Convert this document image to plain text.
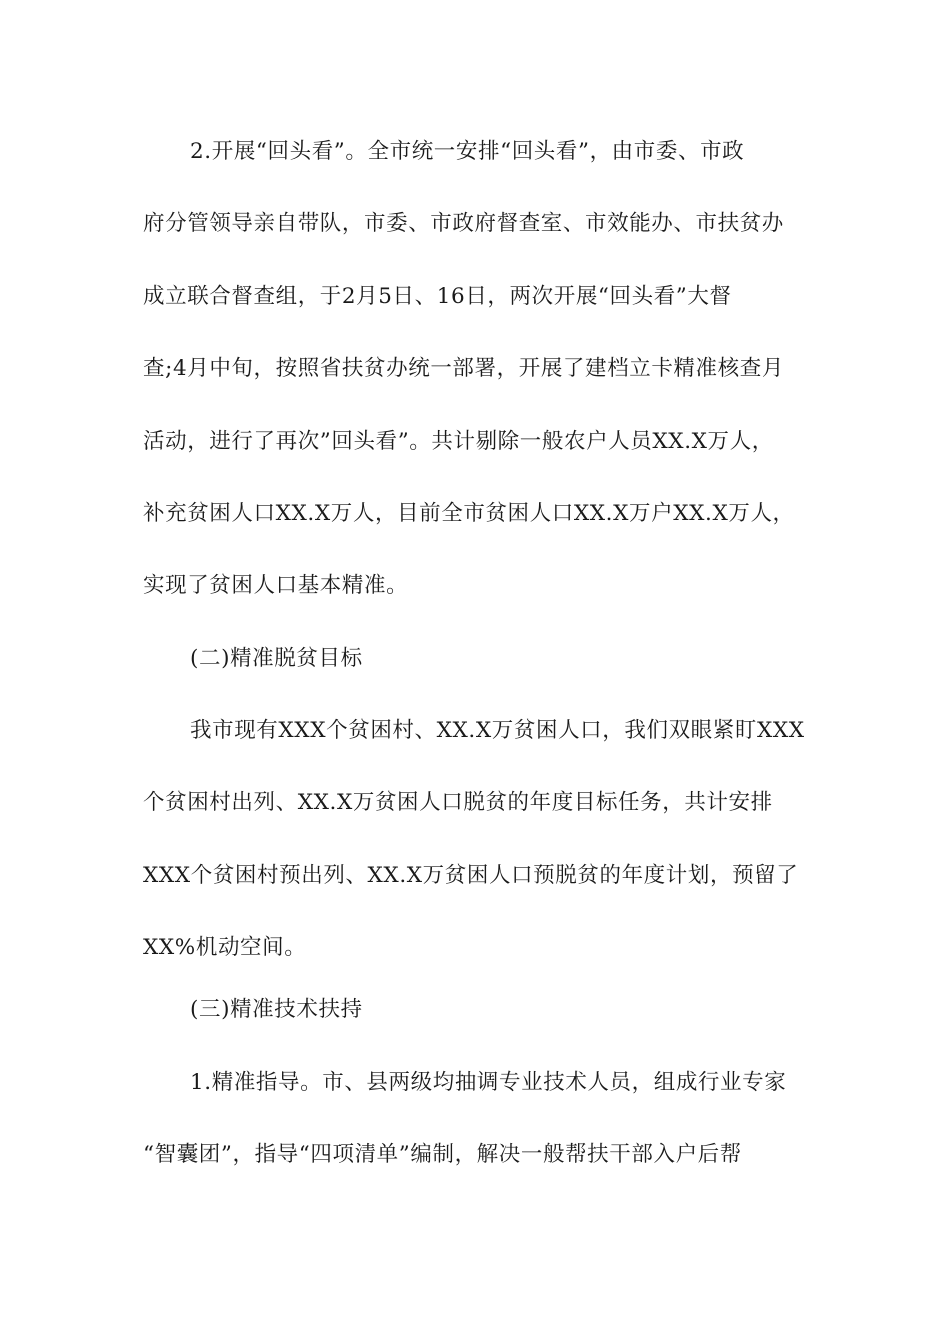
2.开展“回头看”。全市统一安排“回头看”，由市委、市政
府分管领导亲自带队，市委、市政府督查室、市效能办、市扶贫办
成立联合督查组，于2月5日、16日，两次开展“回头看”大督
查;4月中旬，按照省扶贫办统一部署，开展了建档立卡精准核查月
活动，进行了再次”回头看”。共计剔除一般农户人员XX.X万人，
补充贫困人口XX.X万人，目前全市贫困人口XX.X万户XX.X万人，
实现了贫困人口基本精准。
(二)精准脱贫目标
我市现有XXX个贫困村、XX.X万贫困人口，我们双眼紧盯XXX
个贫困村出列、XX.X万贫困人口脱贫的年度目标任务，共计安排
XXX个贫困村预出列、XX.X万贫困人口预脱贫的年度计划，预留了
XX%机动空间。
(三)精准技术扶持
1.精准指导。市、县两级均抽调专业技术人员，组成行业专家
“智囊团”，指导“四项清单”编制，解决一般帮扶干部入户后帮
